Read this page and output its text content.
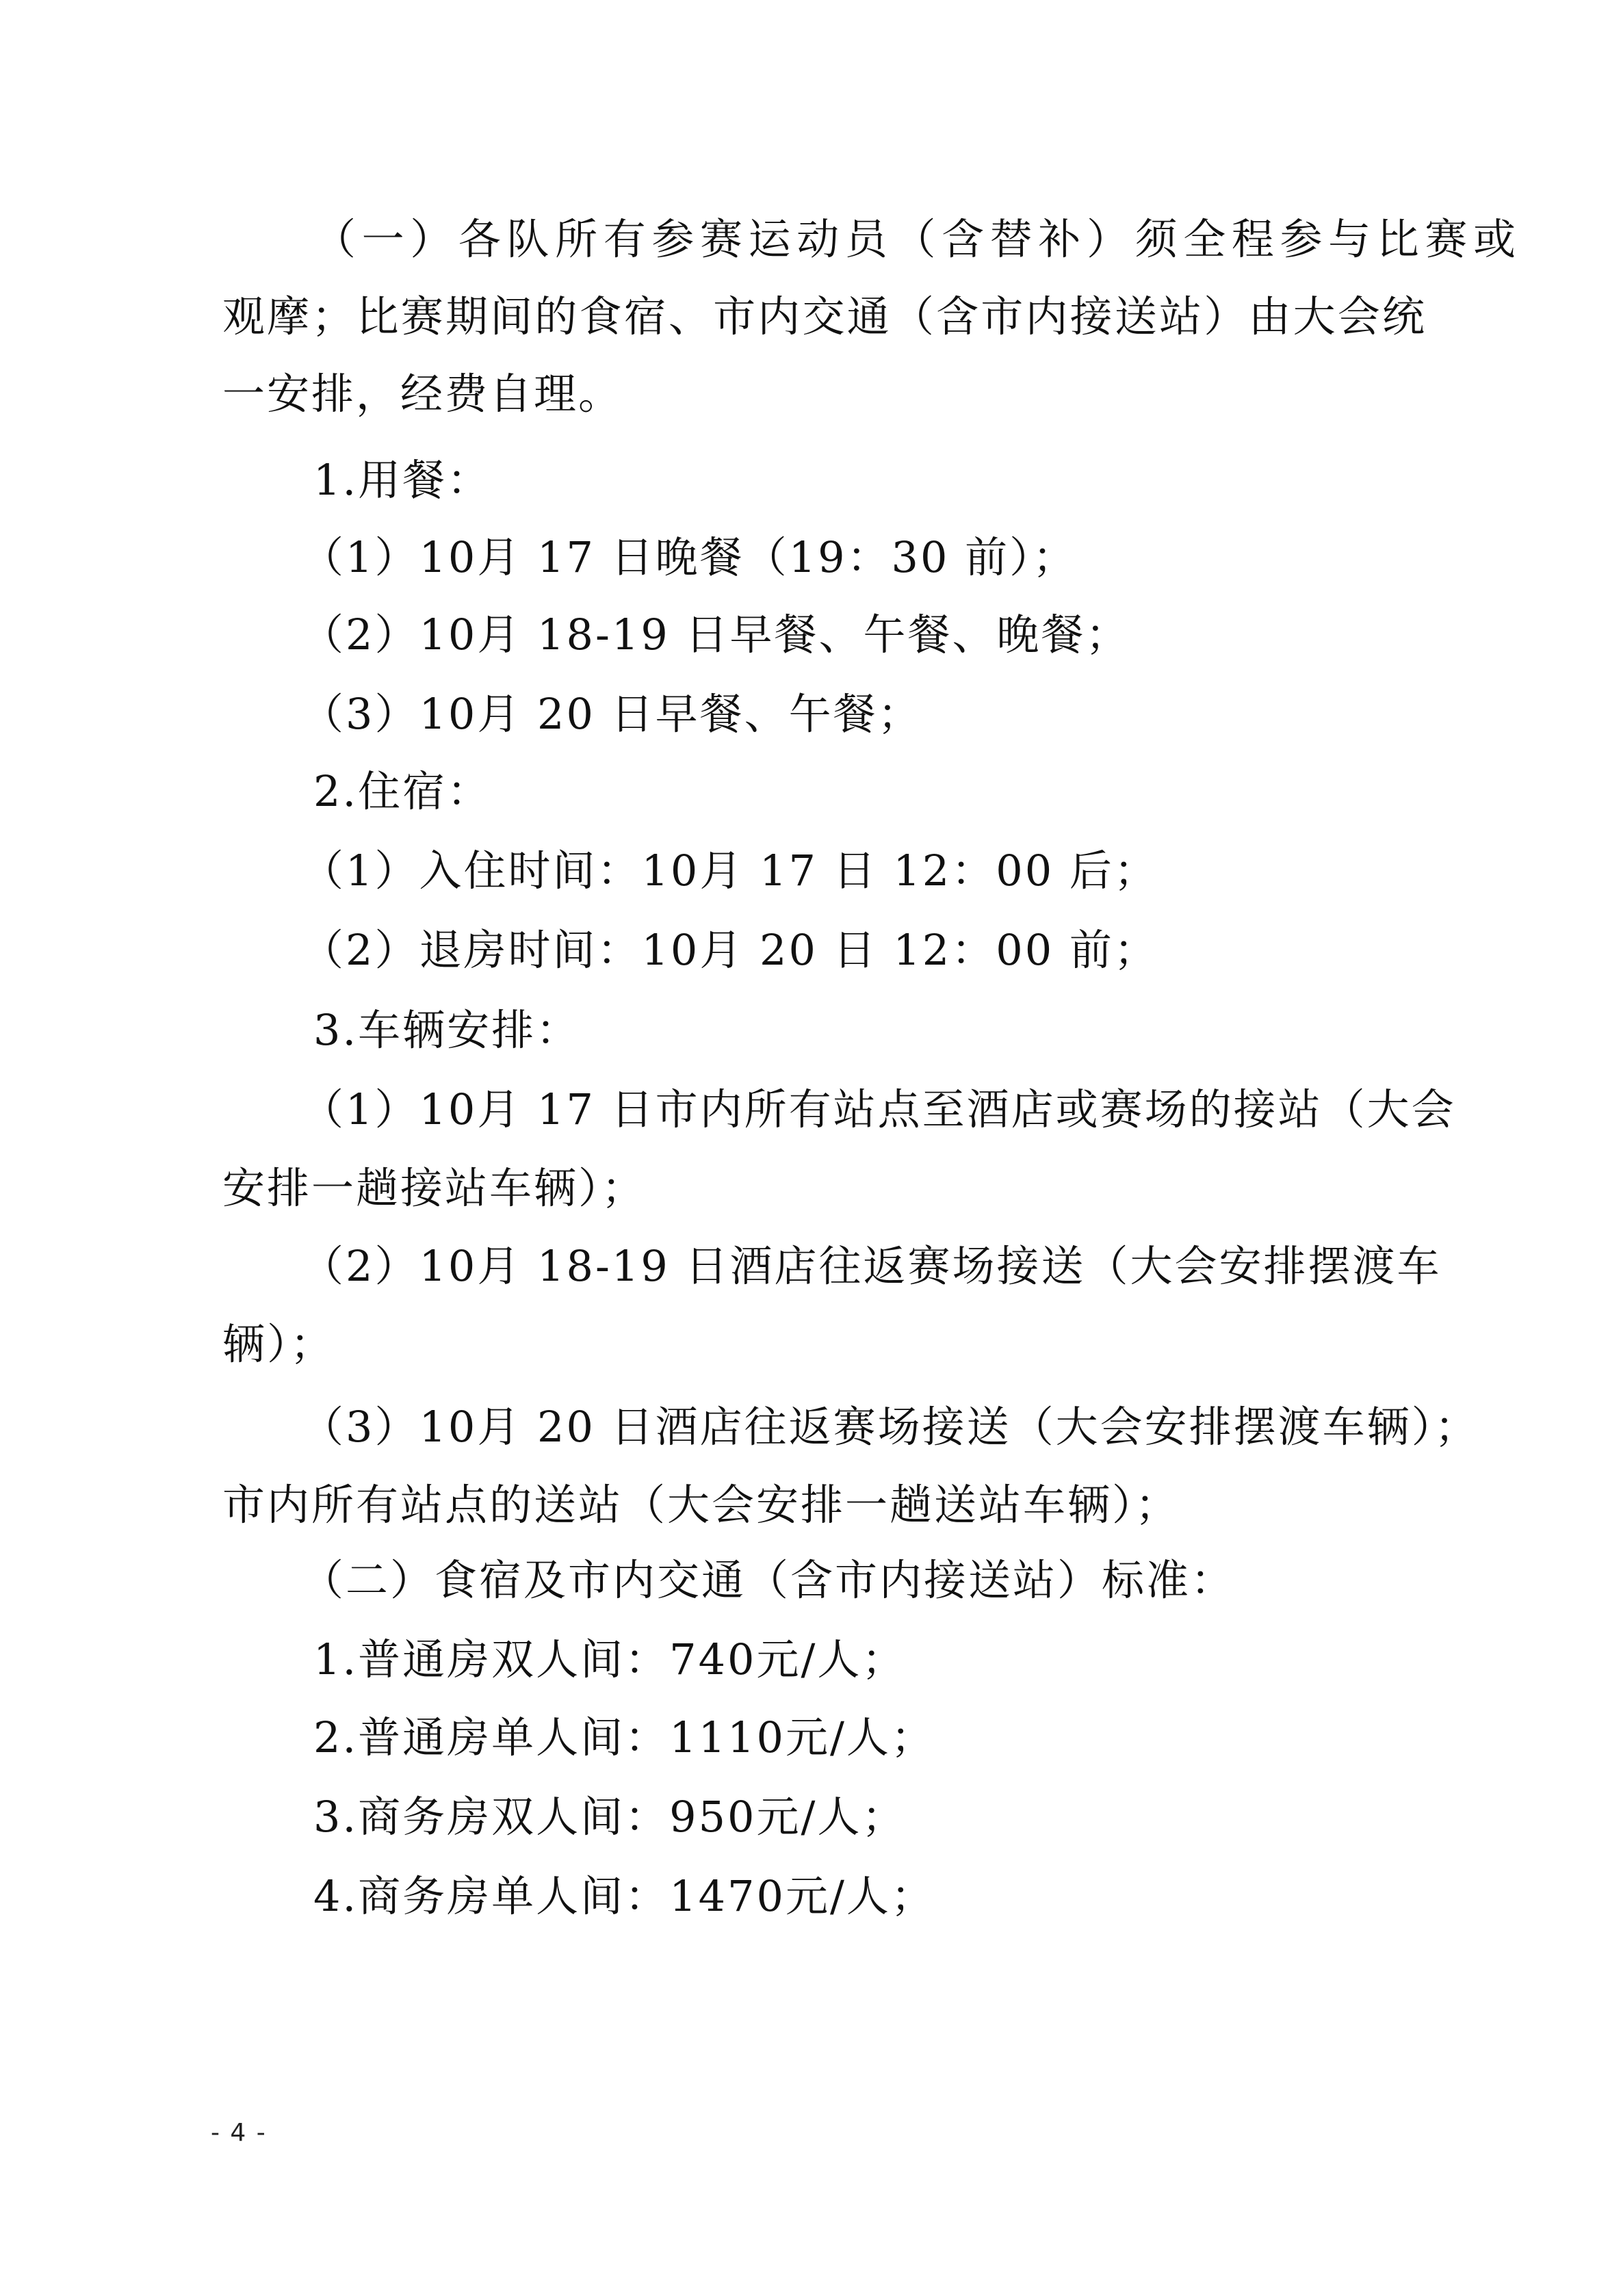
（一）各队所有参赛运动员（含替补）须全程参与比赛或
观摩；比赛期间的食宿、市内交通（含市内接送站）由大会统
一安排，经费自理。
1.用餐：
（1）10月 17 日晚餐（19：30 前）；
（2）10月 18-19 日早餐、午餐、晚餐；
（3）10月 20 日早餐、午餐；
2.住宿：
（1）入住时间：10月 17 日 12：00 后；
（2）退房时间：10月 20 日 12：00 前；
3.车辆安排：
（1）10月 17 日市内所有站点至酒店或赛场的接站（大会
安排一趟接站车辆）；
（2）10月 18-19 日酒店往返赛场接送（大会安排摆渡车
辆）；
（3）10月 20 日酒店往返赛场接送（大会安排摆渡车辆）；
市内所有站点的送站（大会安排一趟送站车辆）；
（二）食宿及市内交通（含市内接送站）标准：
1.普通房双人间：740元/人；
2.普通房单人间：1110元/人；
3.商务房双人间：950元/人；
4.商务房单人间：1470元/人；
- 4 -
